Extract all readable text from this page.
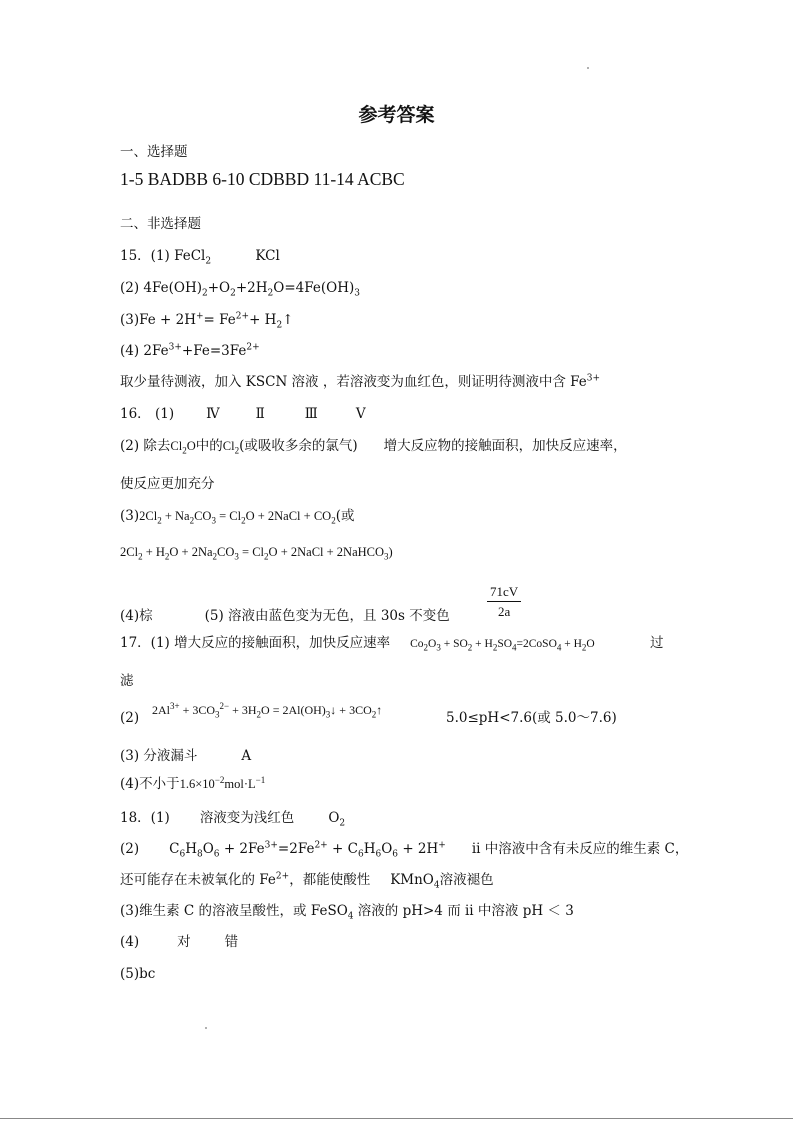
参考答案
一、选择题
1-5 BADBB 6-10 CDBBD 11-14 ACBC
二、非选择题
15．(1) FeCl$_2$	KCl
(2) $4Fe(OH)_2+O_2+2H_2O=4Fe(OH)_3$
$(3)Fe + 2H^+= Fe^{2+}+$ $H_2↑$
(4) $2Fe^{3+}+Fe=3Fe^{2+}$
取少量待测液，加入 KSCN 溶液 ，若溶液变为血红色，则证明待测液中含 $Fe^{3+}$
16． (1) Ⅳ	Ⅱ	Ⅲ	Ⅴ
(2) 除去$Cl_2O$中的$Cl_2$(或吸收多余的氯气) 增大反应物的接触面积，加快反应速率，
使反应更加充分
$(3)2Cl_2 + Na_2CO_3 = Cl_2O$ + 2NaCl + $CO_2$(或
$2Cl_2 + H_2O + 2Na_2CO_3 = Cl_2O$ + 2NaCl + 2NaHCO$_3$)
$\frac{71cV}{2a}$
(4)棕	(5) 溶液由蓝色变为无色，且 30s 不变色
17．(1) 增大反应的接触面积，加快反应速率 $Co_2O_3 + SO_2$ + $H_2SO_4=2CoSO_4 + H_2O$	过
滤
(2) $2Al^{3+} + 3CO_3^{2-} + 3H_2O$ = $2Al(OH)_3↓$ + $3CO_2↑$	5.0≤pH<7.6(或 5.0～7.6)
(3) 分液漏斗	A
(4)不小于$1.6\times 10^{-2}mol\cdot L^{-1}$
18．(1) 溶液变为浅红色	$O_2$
(2) $C_6H_8O_6 + 2Fe^{3+}=2Fe^{2+} + C_6H_6O_6 + 2H^+$ ii 中溶液中含有未反应的维生素 C，
还可能存在未被氧化的 $Fe^{2+}$，都能使酸性 KMnO$_4$溶液褪色
(3)维生素 C 的溶液呈酸性，或 FeSO$_4$ 溶液的 pH>4 而 ii 中溶液 pH ＜ 3
(4)	对	错
(5)bc
